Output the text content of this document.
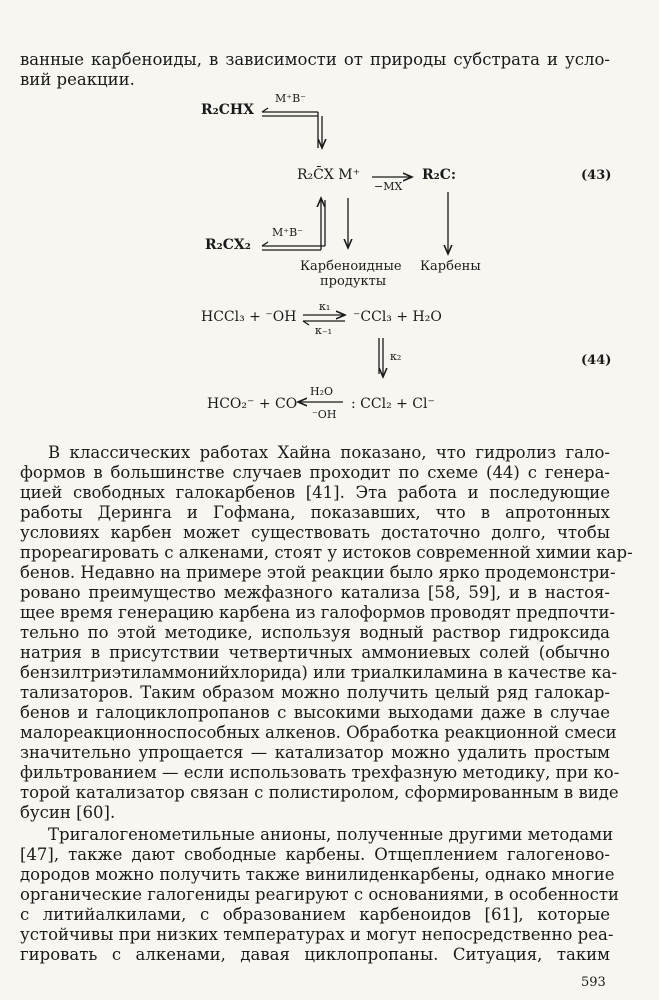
ванные карбеноиды, в зависимости от природы субстрата и усло-
вий реакции.
R₂CHX
M⁺B⁻
R₂C̄X M⁺
−MX
R₂C:	(43)
R₂CX₂
M⁺B⁻
Карбеноидные
продукты
Карбены
HCCl₃ + ⁻OH
κ₁
κ₋₁
⁻CCl₃ + H₂O
κ₂	(44)
HCO₂⁻ + CO
H₂O
⁻OH
: CCl₂ + Cl⁻
В классических работах Хайна показано, что гидролиз гало-
формов в большинстве случаев проходит по схеме (44) с генера-
цией свободных галокарбенов [41]. Эта работа и последующие
работы Деринга и Гофмана, показавших, что в апротонных
условиях карбен может существовать достаточно долго, чтобы
прореагировать с алкенами, стоят у истоков современной химии кар-
бенов. Недавно на примере этой реакции было ярко продемонстри-
ровано преимущество межфазного катализа [58, 59], и в настоя-
щее время генерацию карбена из галоформов проводят предпочти-
тельно по этой методике, используя водный раствор гидроксида
натрия в присутствии четвертичных аммониевых солей (обычно
бензилтриэтиламмонийхлорида) или триалкиламина в качестве ка-
тализаторов. Таким образом можно получить целый ряд галокар-
бенов и галоциклопропанов с высокими выходами даже в случае
малореакционноспособных алкенов. Обработка реакционной смеси
значительно упрощается — катализатор можно удалить простым
фильтрованием — если использовать трехфазную методику, при ко-
торой катализатор связан с полистиролом, сформированным в виде
бусин [60].
Тригалогенометильные анионы, полученные другими методами
[47], также дают свободные карбены. Отщеплением галогеново-
дородов можно получить также винилиденкарбены, однако многие
органические галогениды реагируют с основаниями, в особенности
с литийалкилами, с образованием карбеноидов [61], которые
устойчивы при низких температурах и могут непосредственно реа-
гировать с алкенами, давая циклопропаны. Ситуация, таким
593
